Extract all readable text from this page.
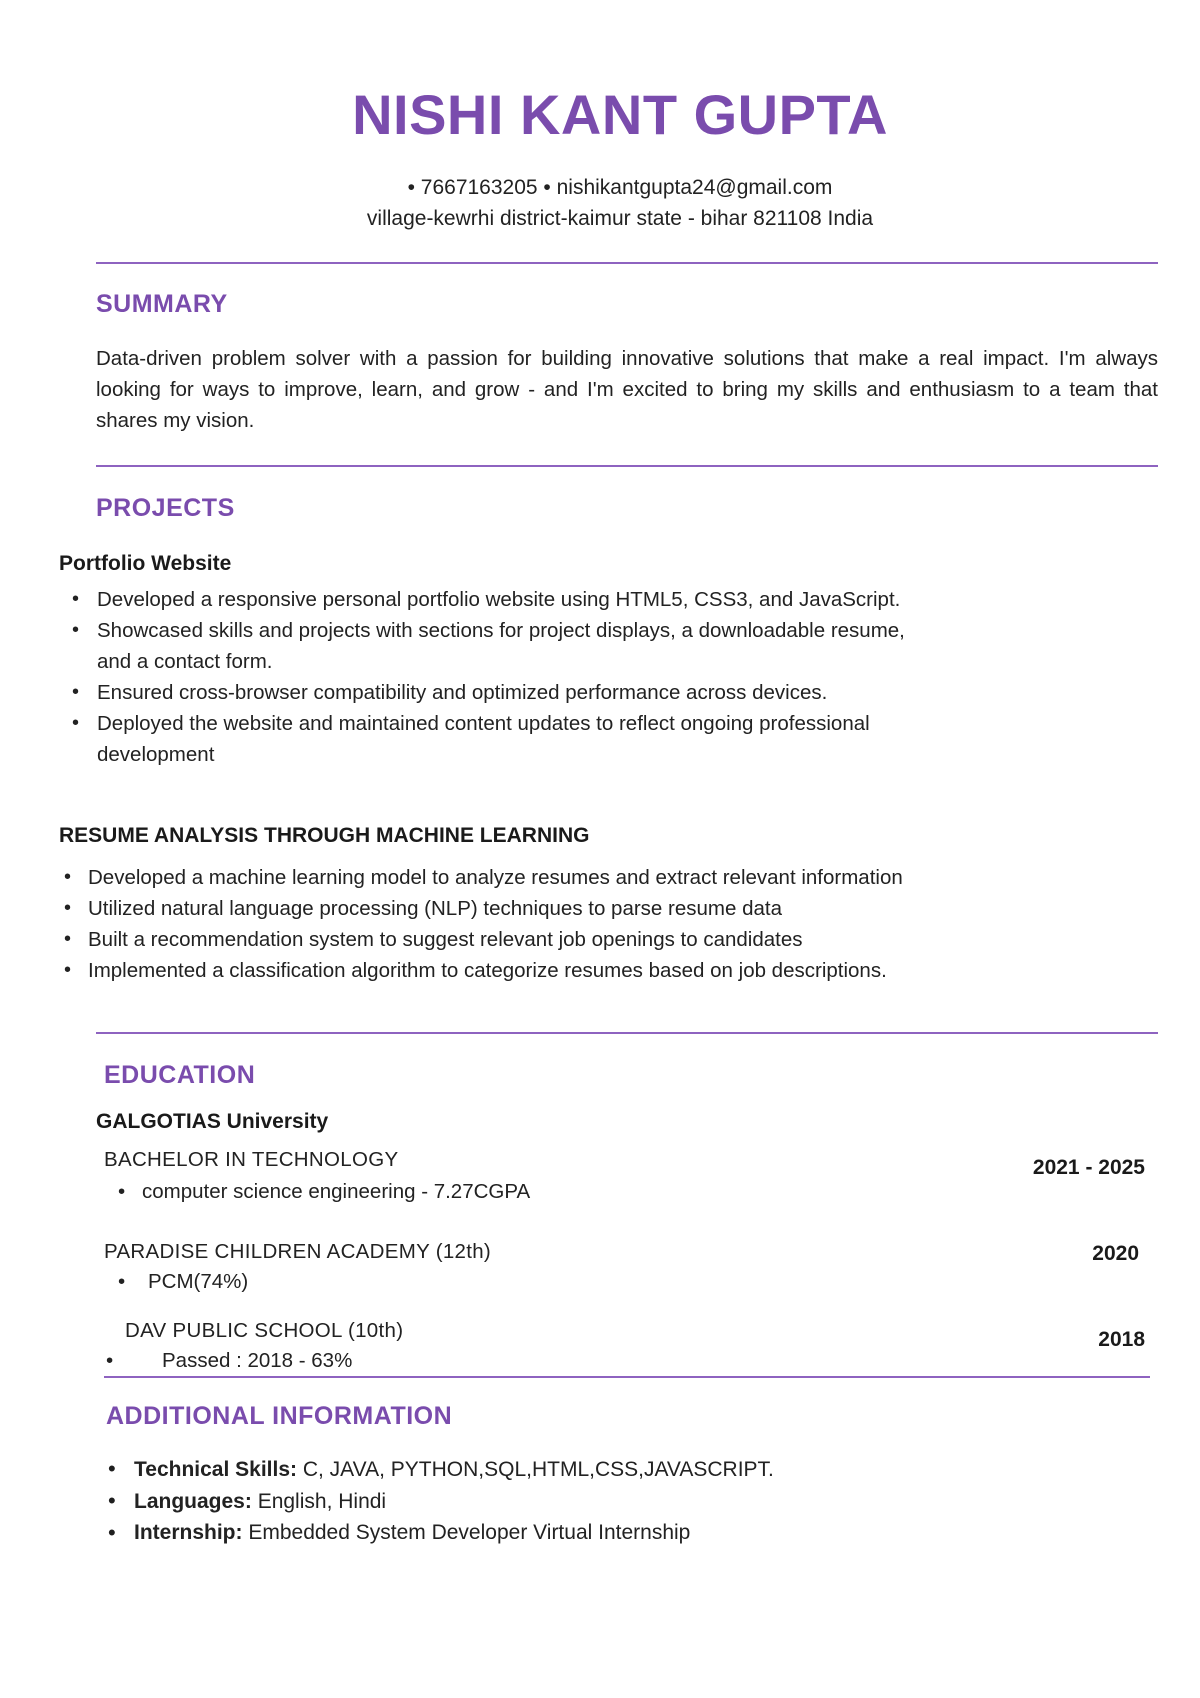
NISHI KANT GUPTA
• 7667163205 • nishikantgupta24@gmail.com
village-kewrhi district-kaimur state - bihar 821108 India
SUMMARY
Data-driven problem solver with a passion for building innovative solutions that make a real impact. I'm always looking for ways to improve, learn, and grow - and I'm excited to bring my skills and enthusiasm to a team that shares my vision.
PROJECTS
Portfolio Website
• Developed a responsive personal portfolio website using HTML5, CSS3, and JavaScript.
• Showcased skills and projects with sections for project displays, a downloadable resume,
and a contact form.
• Ensured cross-browser compatibility and optimized performance across devices.
• Deployed the website and maintained content updates to reflect ongoing professional
development
RESUME ANALYSIS THROUGH MACHINE LEARNING
• Developed a machine learning model to analyze resumes and extract relevant information
• Utilized natural language processing (NLP) techniques to parse resume data
• Built a recommendation system to suggest relevant job openings to candidates
• Implemented a classification algorithm to categorize resumes based on job descriptions.
EDUCATION
GALGOTIAS University
BACHELOR IN TECHNOLOGY
• computer science engineering - 7.27CGPA
2021 - 2025
PARADISE CHILDREN ACADEMY (12th)
• PCM(74%)
2020
DAV PUBLIC SCHOOL (10th)
• Passed : 2018 - 63%
2018
ADDITIONAL INFORMATION
• Technical Skills: C, JAVA, PYTHON,SQL,HTML,CSS,JAVASCRIPT.
• Languages: English, Hindi
• Internship: Embedded System Developer Virtual Internship
